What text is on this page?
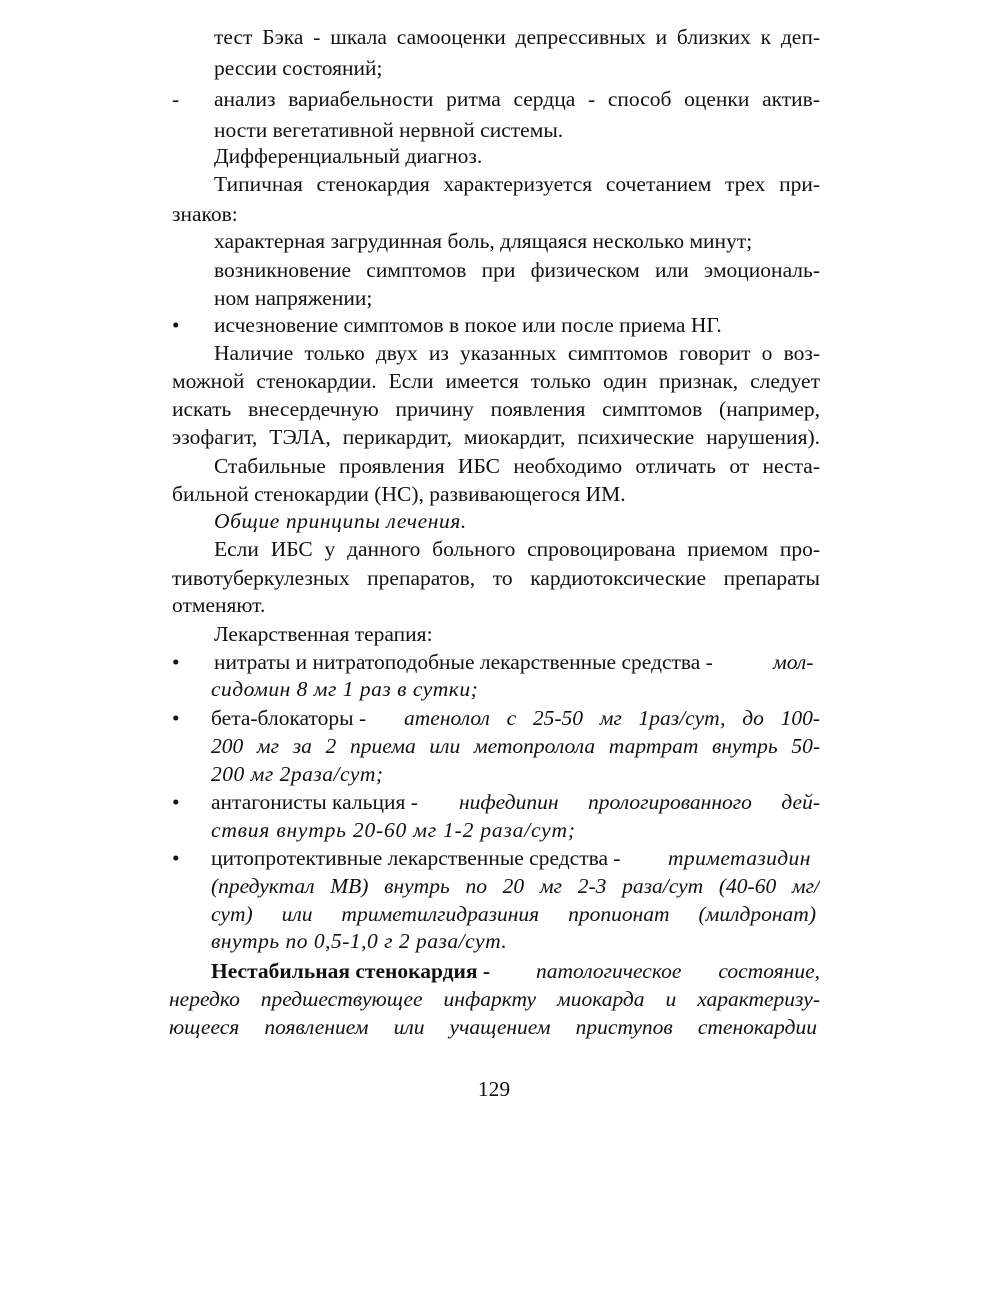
тест Бэка - шкала самооценки депрессивных и близких к деп-
рессии состояний;
- анализ вариабельности ритма сердца - способ оценки актив-
ности вегетативной нервной системы.
Дифференциальный диагноз.
Типичная стенокардия характеризуется сочетанием трех при-
знаков:
характерная загрудинная боль, длящаяся несколько минут;
возникновение симптомов при физическом или эмоциональ-
ном напряжении;
• исчезновение симптомов в покое или после приема НГ.
Наличие только двух из указанных симптомов говорит о воз-
можной стенокардии. Если имеется только один признак, следует
искать внесердечную причину появления симптомов (например,
эзофагит, ТЭЛА, перикардит, миокардит, психические нарушения).
Стабильные проявления ИБС необходимо отличать от неста-
бильной стенокардии (НС), развивающегося ИМ.
Общие принципы лечения.
Если ИБС у данного больного спровоцирована приемом про-
тивотуберкулезных препаратов, то кардиотоксические препараты
отменяют.
Лекарственная терапия:
• нитраты и нитратоподобные лекарственные средства -	мол-
сидомин 8 мг 1 раз в сутки;
• бета-блокаторы - атенолол с 25-50 мг 1раз/сут, до 100-
200 мг за 2 приема или метопролола тартрат внутрь 50-
200 мг 2раза/сут;
• антагонисты кальция - нифедипин прологированного дей-
ствия внутрь 20-60 мг 1-2 раза/сут;
• цитопротективные лекарственные средства - триметазидин
(предуктал МВ) внутрь по 20 мг 2-3 раза/сут (40-60 мг/
сут) или триметилгидразиния пропионат (милдронат)
внутрь по 0,5-1,0 г 2 раза/сут.
Нестабильная стенокардия - патологическое состояние,
нередко предшествующее инфаркту миокарда и характеризу-
ющееся появлением или учащением приступов стенокардии
129
